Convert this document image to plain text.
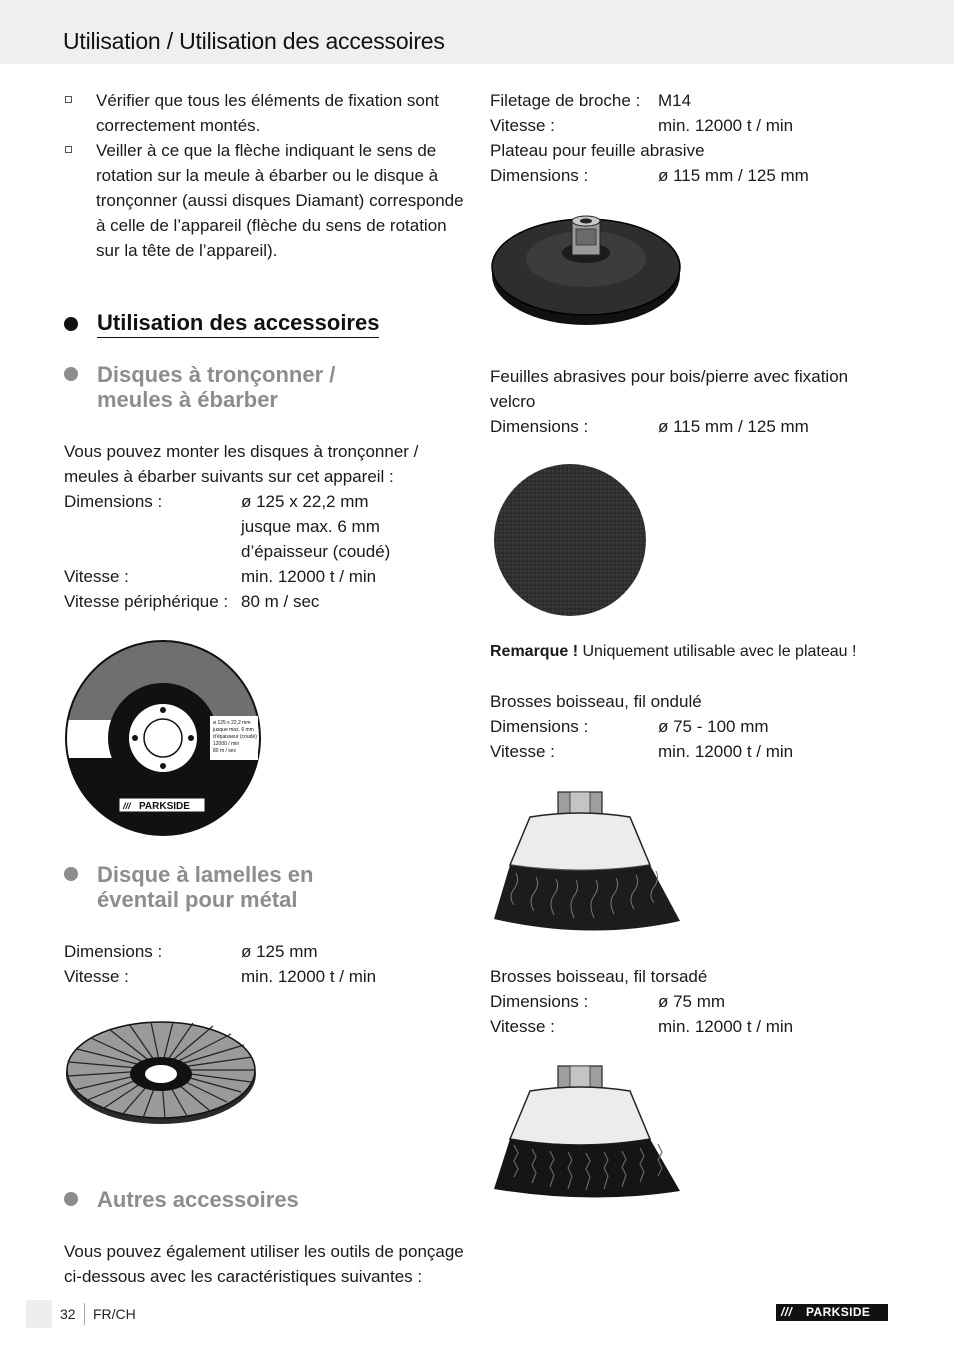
Utilisation / Utilisation des accessoires
Vérifier que tous les éléments de fixation sont
correctement montés.
Veiller à ce que la flèche indiquant le sens de
rotation sur la meule à ébarber ou le disque à
tronçonner (aussi disques Diamant) corresponde
à celle de l’appareil (flèche du sens de rotation
sur la tête de l’appareil).
Utilisation des accessoires
Disques à tronçonner /
meules à ébarber
Vous pouvez monter les disques à tronçonner /
meules à ébarber suivants sur cet appareil :
Dimensions :	ø 125 x 22,2 mm
jusque max. 6 mm
d’épaisseur (coudé)
Vitesse :	min. 12000 t / min
Vitesse périphérique : 80 m / sec
ø 125 x 22,2 mm
jusque max. 6 mm
d’épaisseur (coudé)
12000 / min
80 m / sec
/// PARKSIDE
Disque à lamelles en
éventail pour métal
Dimensions :	ø 125 mm
Vitesse :	min. 12000 t / min
Autres accessoires
Vous pouvez également utiliser les outils de ponçage
ci-dessous avec les caractéristiques suivantes :
Filetage de broche : M14
Vitesse :	min. 12000 t / min
Plateau pour feuille abrasive
Dimensions :	ø 115 mm / 125 mm
Feuilles abrasives pour bois/pierre avec fixation
velcro
Dimensions :	ø 115 mm / 125 mm
Remarque ! Uniquement utilisable avec le plateau !
Brosses boisseau, fil ondulé
Dimensions :	ø 75 - 100 mm
Vitesse :	min. 12000 t / min
Brosses boisseau, fil torsadé
Dimensions :	ø 75 mm
Vitesse :	min. 12000 t / min
32 FR/CH	/// PARKSIDE
